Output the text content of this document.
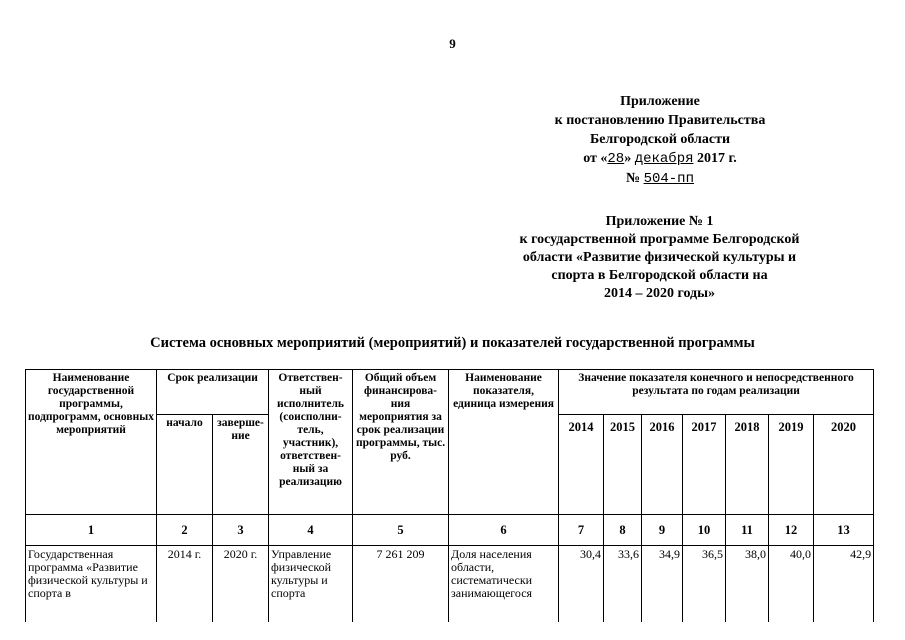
9
Приложение
к постановлению Правительства
Белгородской области
от «28» декабря 2017 г.
№ 504-пп
Приложение № 1
к государственной программе Белгородской
области «Развитие физической культуры и
спорта в Белгородской области на
2014 – 2020 годы»
Система основных мероприятий (мероприятий) и показателей государственной программы
Наименование государственной программы, подпрограмм, основных мероприятий	Срок реализации		Ответствен-ный исполнитель (соисполни-тель, участник), ответствен-ный за реализацию	Общий объем финансирова-ния мероприятия за срок реализации программы, тыс. руб.	Наименование показателя, единица измерения	Значение показателя конечного и непосредственного результата по годам реализации						
	начало	заверше-ние				2014	2015	2016	2017	2018	2019	2020
1	2	3	4	5	6	7	8	9	10	11	12	13
Государственная программа «Развитие физической культуры и спорта в	2014 г.	2020 г.	Управление физической культуры и спорта	7 261 209	Доля населения области, систематически занимающегося	30,4	33,6	34,9	36,5	38,0	40,0	42,9
